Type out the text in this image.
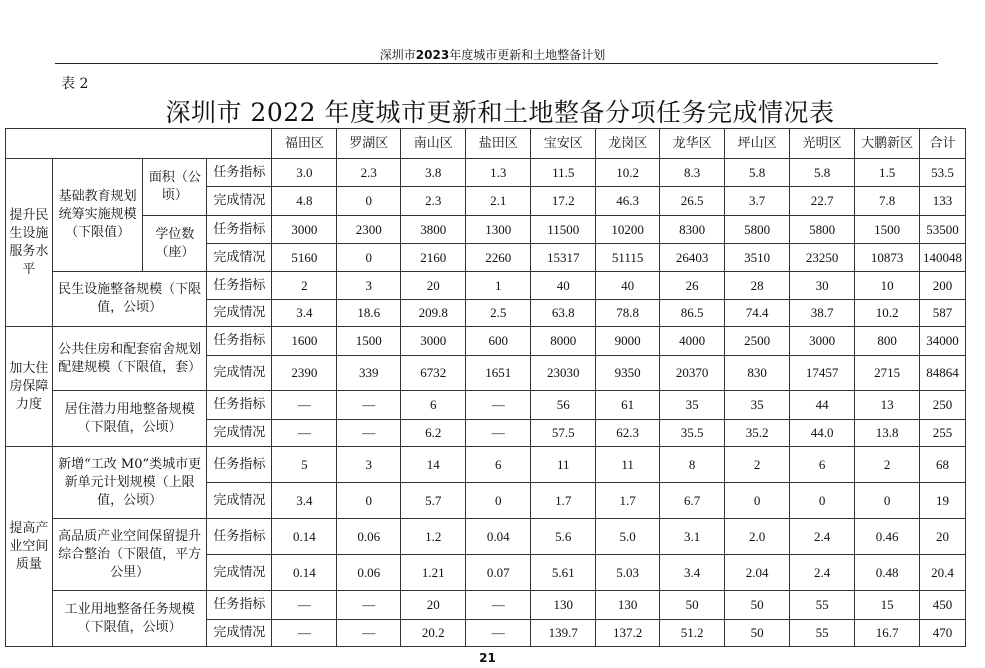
深圳市2023年度城市更新和土地整备计划
表 2
深圳市 2022 年度城市更新和土地整备分项任务完成情况表
				福田区	罗湖区	南山区	盐田区	宝安区	龙岗区	龙华区	坪山区	光明区	大鹏新区	合计
提升民生设施服务水平	基础教育规划统筹实施规模（下限值）	面积（公顷）	任务指标	3.0	2.3	3.8	1.3	11.5	10.2	8.3	5.8	5.8	1.5	53.5
			完成情况	4.8	0	2.3	2.1	17.2	46.3	26.5	3.7	22.7	7.8	133
		学位数（座）	任务指标	3000	2300	3800	1300	11500	10200	8300	5800	5800	1500	53500
			完成情况	5160	0	2160	2260	15317	51115	26403	3510	23250	10873	140048
	民生设施整备规模（下限值，公顷）		任务指标	2	3	20	1	40	40	26	28	30	10	200
			完成情况	3.4	18.6	209.8	2.5	63.8	78.8	86.5	74.4	38.7	10.2	587
加大住房保障力度	公共住房和配套宿舍规划配建规模（下限值，套）		任务指标	1600	1500	3000	600	8000	9000	4000	2500	3000	800	34000
			完成情况	2390	339	6732	1651	23030	9350	20370	830	17457	2715	84864
	居住潜力用地整备规模（下限值，公顷）		任务指标	—	—	6	—	56	61	35	35	44	13	250
			完成情况	—	—	6.2	—	57.5	62.3	35.5	35.2	44.0	13.8	255
提高产业空间质量	新增“工改 M0”类城市更新单元计划规模（上限值，公顷）		任务指标	5	3	14	6	11	11	8	2	6	2	68
			完成情况	3.4	0	5.7	0	1.7	1.7	6.7	0	0	0	19
	高品质产业空间保留提升综合整治（下限值，平方公里）		任务指标	0.14	0.06	1.2	0.04	5.6	5.0	3.1	2.0	2.4	0.46	20
			完成情况	0.14	0.06	1.21	0.07	5.61	5.03	3.4	2.04	2.4	0.48	20.4
	工业用地整备任务规模（下限值，公顷）		任务指标	—	—	20	—	130	130	50	50	55	15	450
			完成情况	—	—	20.2	—	139.7	137.2	51.2	50	55	16.7	470
21
